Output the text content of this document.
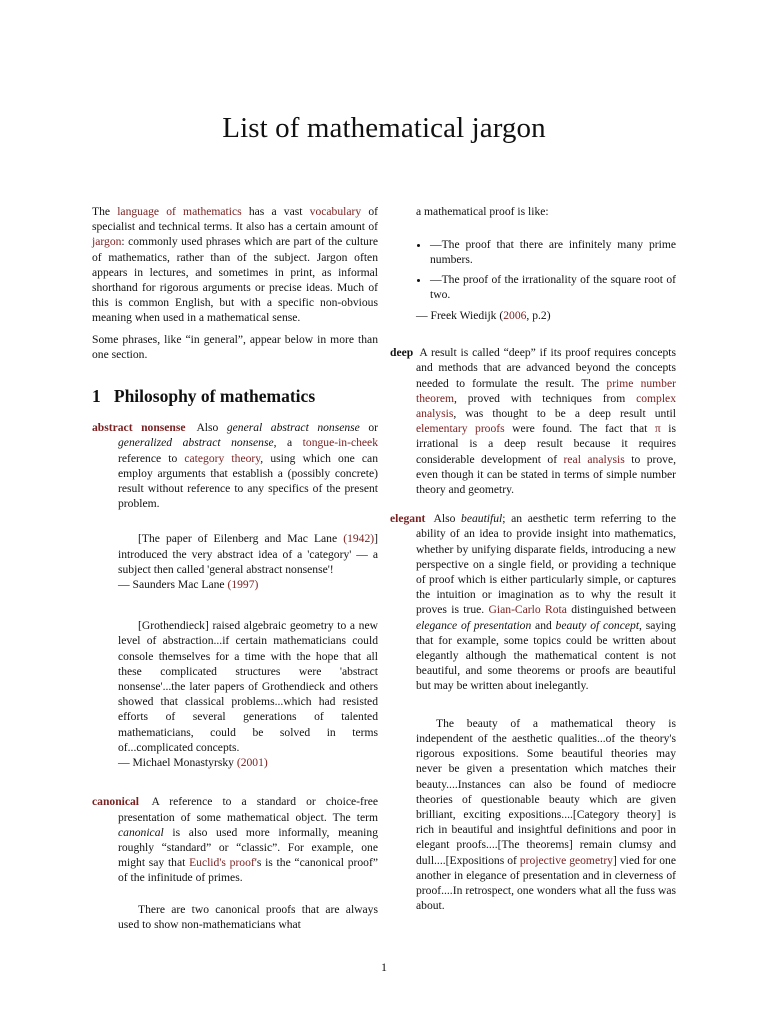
List of mathematical jargon

The language of mathematics has a vast vocabulary of specialist and technical terms. It also has a certain amount of jargon: commonly used phrases which are part of the culture of mathematics, rather than of the subject. Jargon often appears in lectures, and sometimes in print, as informal shorthand for rigorous arguments or precise ideas. Much of this is common English, but with a specific non-obvious meaning when used in a mathematical sense.

Some phrases, like “in general”, appear below in more than one section.

1 Philosophy of mathematics
abstract nonsense Also general abstract nonsense or generalized abstract nonsense, a tongue-in-cheek reference to category theory, using which one can employ arguments that establish a (possibly concrete) result without reference to any specifics of the present problem.

[The paper of Eilenberg and Mac Lane (1942)] introduced the very abstract idea of a 'category' — a subject then called 'general abstract nonsense'!

— Saunders Mac Lane (1997)

[Grothendieck] raised algebraic geometry to a new level of abstraction...if certain mathematicians could console themselves for a time with the hope that all these complicated structures were 'abstract nonsense'...the later papers of Grothendieck and others showed that classical problems...which had resisted efforts of several generations of talented mathematicians, could be solved in terms of...complicated concepts.

— Michael Monastyrsky (2001)
canonical A reference to a standard or choice-free presentation of some mathematical object. The term canonical is also used more informally, meaning roughly “standard” or “classic”. For example, one might say that Euclid's proof's is the “canonical proof” of the infinitude of primes.

There are two canonical proofs that are always used to show non-mathematicians what

a mathematical proof is like:
• —The proof that there are infinitely many prime numbers.
• —The proof of the irrationality of the square root of two.
— Freek Wiedijk (2006, p.2)
deep A result is called “deep” if its proof requires concepts and methods that are advanced beyond the concepts needed to formulate the result. The prime number theorem, proved with techniques from complex analysis, was thought to be a deep result until elementary proofs were found. The fact that π is irrational is a deep result because it requires considerable development of real analysis to prove, even though it can be stated in terms of simple number theory and geometry.
elegant Also beautiful; an aesthetic term referring to the ability of an idea to provide insight into mathematics, whether by unifying disparate fields, introducing a new perspective on a single field, or providing a technique of proof which is either particularly simple, or captures the intuition or imagination as to why the result it proves is true. Gian-Carlo Rota distinguished between elegance of presentation and beauty of concept, saying that for example, some topics could be written about elegantly although the mathematical content is not beautiful, and some theorems or proofs are beautiful but may be written about inelegantly.

The beauty of a mathematical theory is independent of the aesthetic qualities...of the theory's rigorous expositions. Some beautiful theories may never be given a presentation which matches their beauty....Instances can also be found of mediocre theories of questionable beauty which are given brilliant, exciting expositions....[Category theory] is rich in beautiful and insightful definitions and poor in elegant proofs....[The theorems] remain clumsy and dull....[Expositions of projective geometry] vied for one another in elegance of presentation and in cleverness of proof....In retrospect, one wonders what all the fuss was about.

1
